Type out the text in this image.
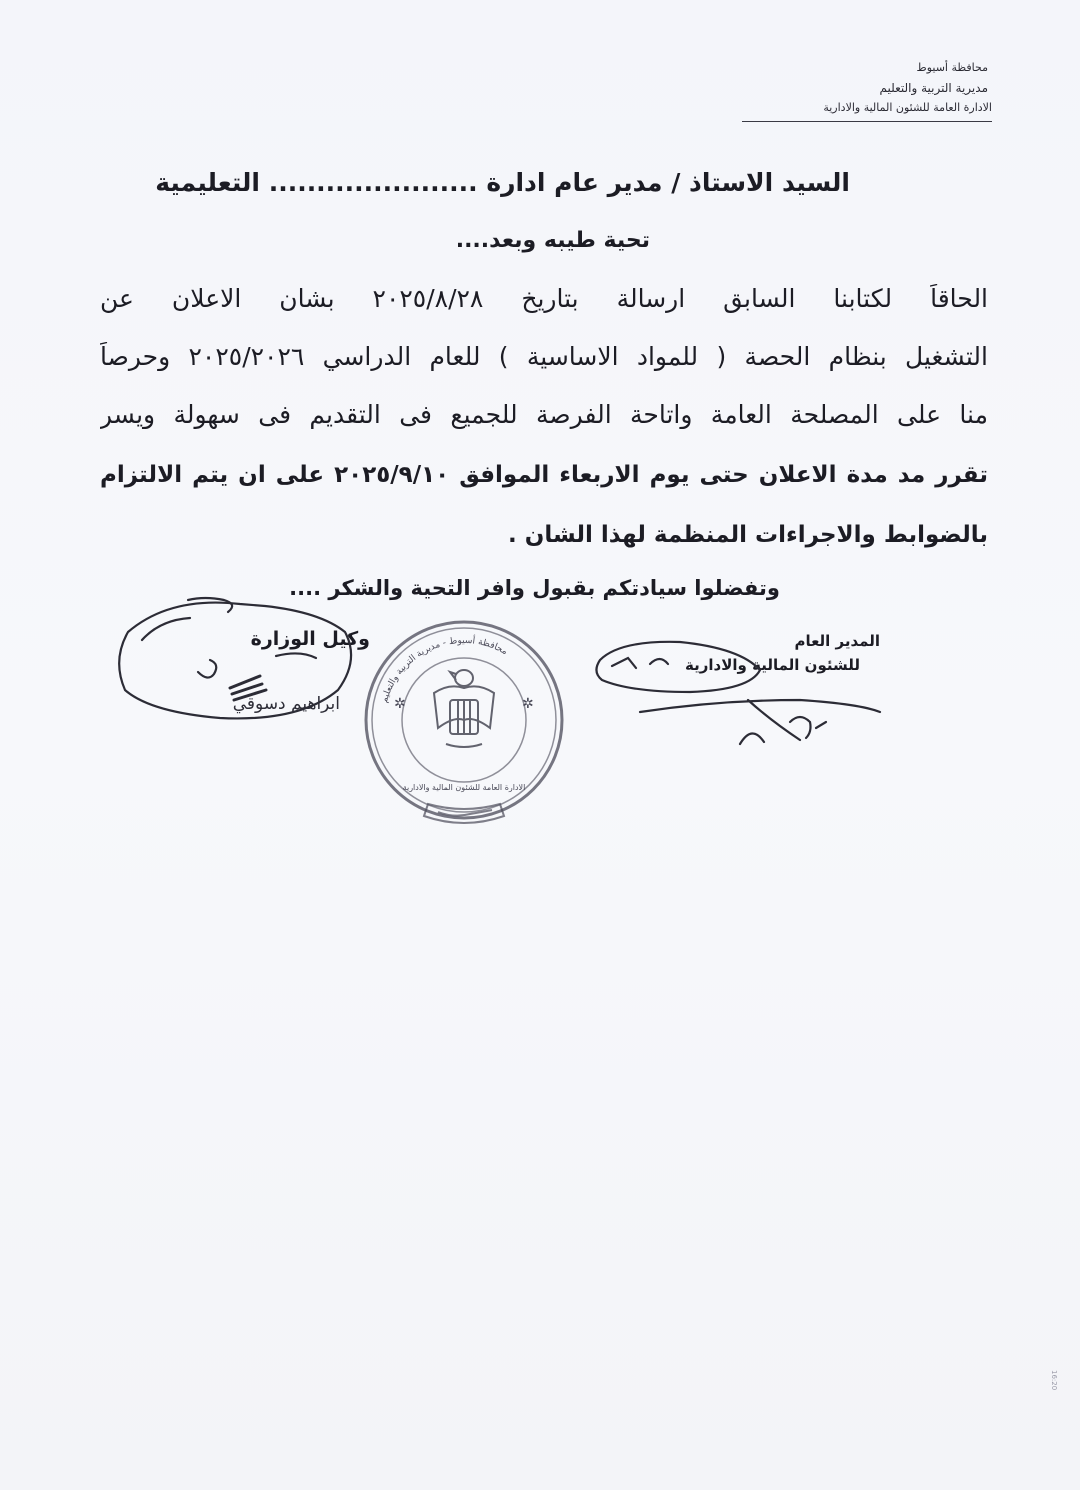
محافظة أسيوط
مديرية التربية والتعليم
الادارة العامة للشئون المالية والادارية
السيد الاستاذ / مدير عام ادارة ...................... التعليمية
تحية طيبه وبعد....
الحاقاً لكتابنا السابق ارسالة بتاريخ ٢٠٢٥/٨/٢٨ بشان الاعلان عن
التشغيل بنظام الحصة ( للمواد الاساسية ) للعام الدراسي ٢٠٢٥/٢٠٢٦ وحرصاً
منا على المصلحة العامة واتاحة الفرصة للجميع فى التقديم فى سهولة ويسر
تقرر مد مدة الاعلان حتى يوم الاربعاء الموافق ٢٠٢٥/٩/١٠ على ان يتم الالتزام
بالضوابط والاجراءات المنظمة لهذا الشان .
وتفضلوا سيادتكم بقبول وافر التحية والشكر ....
المدير العام
للشئون المالية والادارية
وكيل الوزارة
ابراهيم دسوقي	محافظة أسيوط - مديرية التربية والتعليم
الادارة العامة للشئون المالية والادارية
✲	✲
16:20
